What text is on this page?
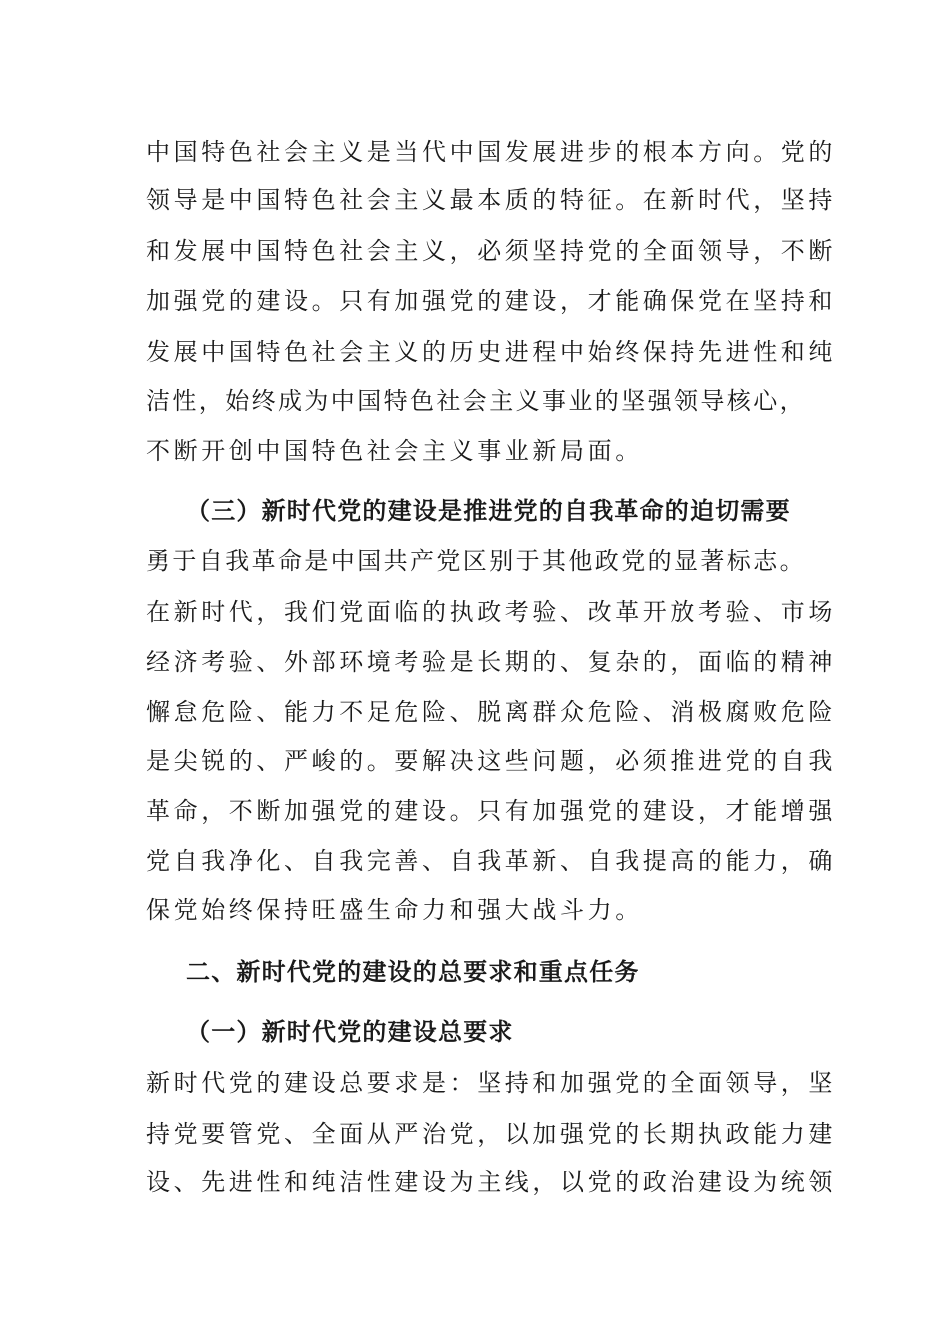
中国特色社会主义是当代中国发展进步的根本方向。党的
领导是中国特色社会主义最本质的特征。在新时代，坚持
和发展中国特色社会主义，必须坚持党的全面领导，不断
加强党的建设。只有加强党的建设，才能确保党在坚持和
发展中国特色社会主义的历史进程中始终保持先进性和纯
洁性，始终成为中国特色社会主义事业的坚强领导核心，
不断开创中国特色社会主义事业新局面。
（三）新时代党的建设是推进党的自我革命的迫切需要
勇于自我革命是中国共产党区别于其他政党的显著标志。
在新时代，我们党面临的执政考验、改革开放考验、市场
经济考验、外部环境考验是长期的、复杂的，面临的精神
懈怠危险、能力不足危险、脱离群众危险、消极腐败危险
是尖锐的、严峻的。要解决这些问题，必须推进党的自我
革命，不断加强党的建设。只有加强党的建设，才能增强
党自我净化、自我完善、自我革新、自我提高的能力，确
保党始终保持旺盛生命力和强大战斗力。
二、新时代党的建设的总要求和重点任务
（一）新时代党的建设总要求
新时代党的建设总要求是：坚持和加强党的全面领导，坚
持党要管党、全面从严治党，以加强党的长期执政能力建
设、先进性和纯洁性建设为主线，以党的政治建设为统领
